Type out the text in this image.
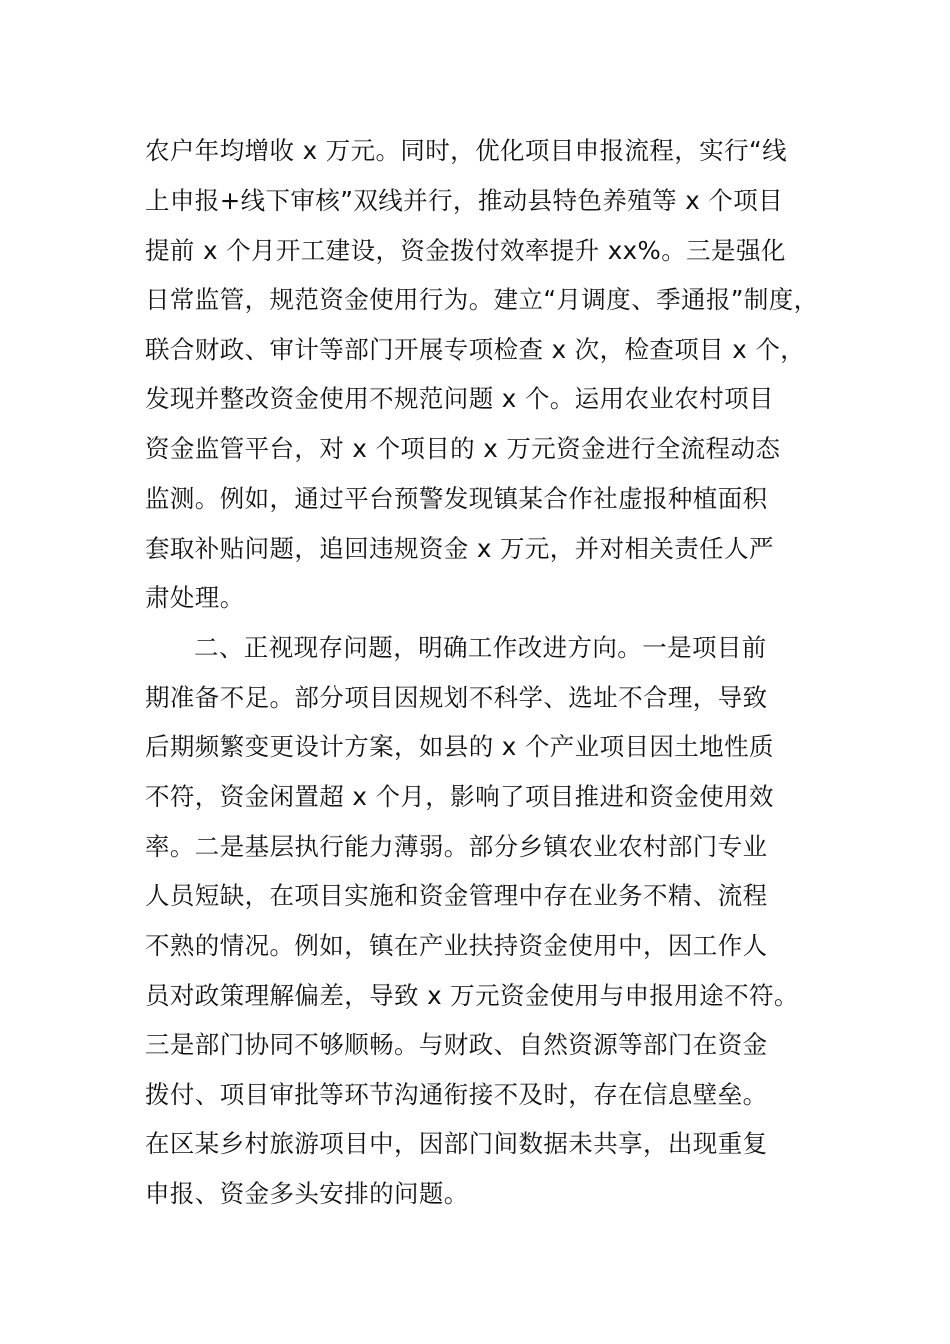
农户年均增收 x 万元。同时，优化项目申报流程，实行“线
上申报+线下审核”双线并行，推动县特色养殖等 x 个项目
提前 x 个月开工建设，资金拨付效率提升 xx%。三是强化
日常监管，规范资金使用行为。建立“月调度、季通报”制度，
联合财政、审计等部门开展专项检查 x 次，检查项目 x 个，
发现并整改资金使用不规范问题 x 个。运用农业农村项目
资金监管平台，对 x 个项目的 x 万元资金进行全流程动态
监测。例如，通过平台预警发现镇某合作社虚报种植面积
套取补贴问题，追回违规资金 x 万元，并对相关责任人严
肃处理。
二、正视现存问题，明确工作改进方向。一是项目前
期准备不足。部分项目因规划不科学、选址不合理，导致
后期频繁变更设计方案，如县的 x 个产业项目因土地性质
不符，资金闲置超 x 个月，影响了项目推进和资金使用效
率。二是基层执行能力薄弱。部分乡镇农业农村部门专业
人员短缺，在项目实施和资金管理中存在业务不精、流程
不熟的情况。例如，镇在产业扶持资金使用中，因工作人
员对政策理解偏差，导致 x 万元资金使用与申报用途不符。
三是部门协同不够顺畅。与财政、自然资源等部门在资金
拨付、项目审批等环节沟通衔接不及时，存在信息壁垒。
在区某乡村旅游项目中，因部门间数据未共享，出现重复
申报、资金多头安排的问题。
